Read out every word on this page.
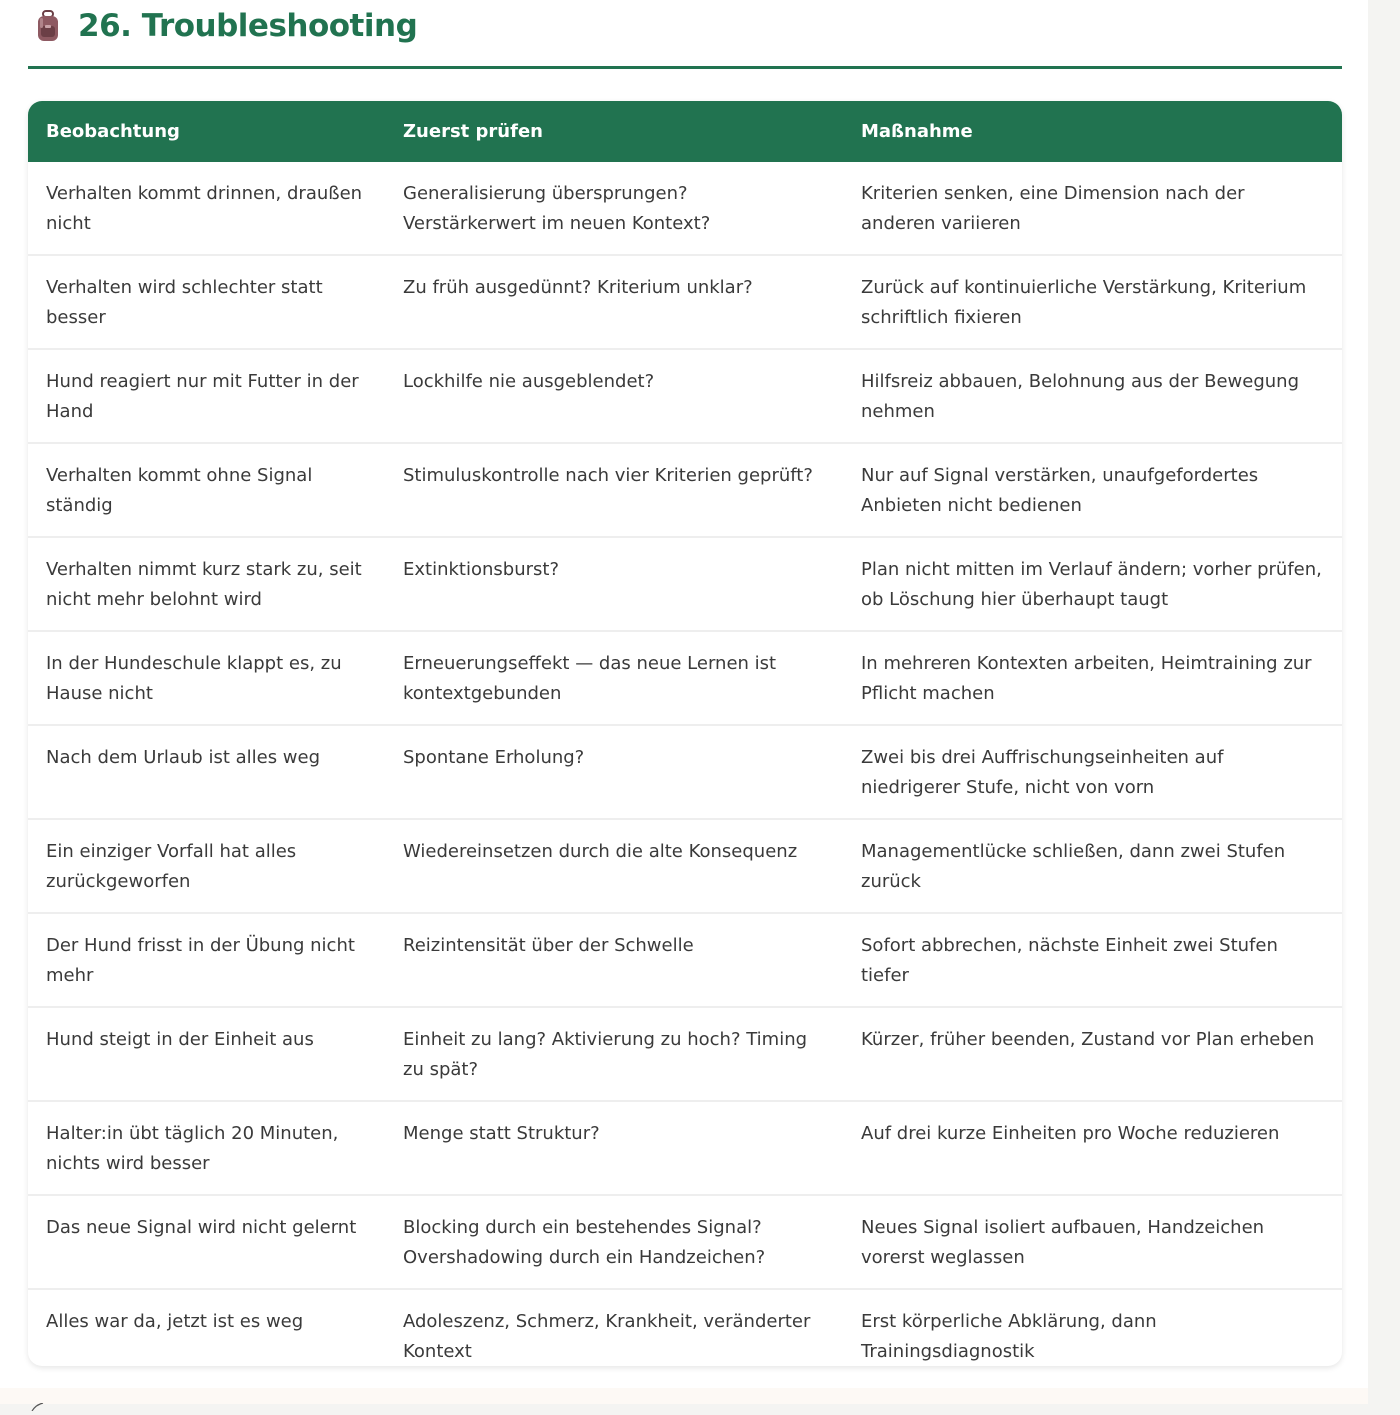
26. Troubleshooting
Beobachtung	Zuerst prüfen	Maßnahme
Verhalten kommt drinnen, draußen nicht	Generalisierung übersprungen? Verstärkerwert im neuen Kontext?	Kriterien senken, eine Dimension nach der anderen variieren
Verhalten wird schlechter statt besser	Zu früh ausgedünnt? Kriterium unklar?	Zurück auf kontinuierliche Verstärkung, Kriterium schriftlich fixieren
Hund reagiert nur mit Futter in der Hand	Lockhilfe nie ausgeblendet?	Hilfsreiz abbauen, Belohnung aus der Bewegung nehmen
Verhalten kommt ohne Signal ständig	Stimuluskontrolle nach vier Kriterien geprüft?	Nur auf Signal verstärken, unaufgefordertes Anbieten nicht bedienen
Verhalten nimmt kurz stark zu, seit nicht mehr belohnt wird	Extinktionsburst?	Plan nicht mitten im Verlauf ändern; vorher prüfen, ob Löschung hier überhaupt taugt
In der Hundeschule klappt es, zu Hause nicht	Erneuerungseffekt — das neue Lernen ist kontextgebunden	In mehreren Kontexten arbeiten, Heimtraining zur Pflicht machen
Nach dem Urlaub ist alles weg	Spontane Erholung?	Zwei bis drei Auffrischungseinheiten auf niedrigerer Stufe, nicht von vorn
Ein einziger Vorfall hat alles zurückgeworfen	Wiedereinsetzen durch die alte Konsequenz	Managementlücke schließen, dann zwei Stufen zurück
Der Hund frisst in der Übung nicht mehr	Reizintensität über der Schwelle	Sofort abbrechen, nächste Einheit zwei Stufen tiefer
Hund steigt in der Einheit aus	Einheit zu lang? Aktivierung zu hoch? Timing zu spät?	Kürzer, früher beenden, Zustand vor Plan erheben
Halter:in übt täglich 20 Minuten, nichts wird besser	Menge statt Struktur?	Auf drei kurze Einheiten pro Woche reduzieren
Das neue Signal wird nicht gelernt	Blocking durch ein bestehendes Signal? Overshadowing durch ein Handzeichen?	Neues Signal isoliert aufbauen, Handzeichen vorerst weglassen
Alles war da, jetzt ist es weg	Adoleszenz, Schmerz, Krankheit, veränderter Kontext	Erst körperliche Abklärung, dann Trainingsdiagnostik
